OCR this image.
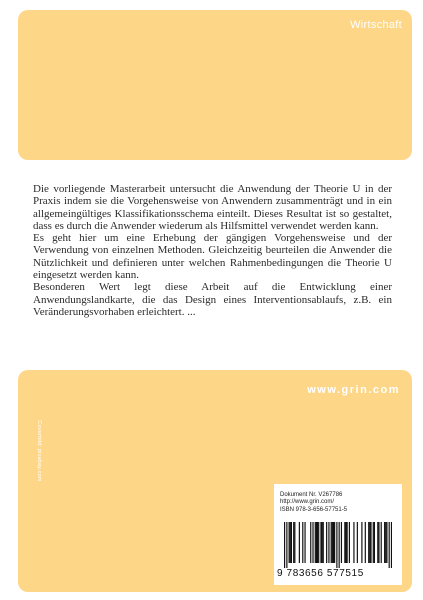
Wirtschaft

Die vorliegende Masterarbeit untersucht die Anwendung der Theorie U in der Praxis indem sie die Vorgehensweise von Anwendern zusammenträgt und in ein allgemeingültiges Klassifikationsschema einteilt. Dieses Resultat ist so gestaltet, dass es durch die Anwender wiederum als Hilfsmittel verwendet werden kann.

Es geht hier um eine Erhebung der gängigen Vorgehensweise und der Verwendung von einzelnen Methoden. Gleichzeitig beurteilen die Anwender die Nützlichkeit und definieren unter welchen Rahmenbedingungen die Theorie U eingesetzt werden kann.

Besonderen Wert legt diese Arbeit auf die Entwicklung einer Anwendungslandkarte, die das Design eines Interventionsablaufs, z.B. ein Veränderungsvorhaben erleichtert. ...

www.grin.com
Coverbild: pixabay.com
Dokument Nr. V267786
http://www.grin.com/
ISBN 978-3-656-57751-5
9 783656 577515
